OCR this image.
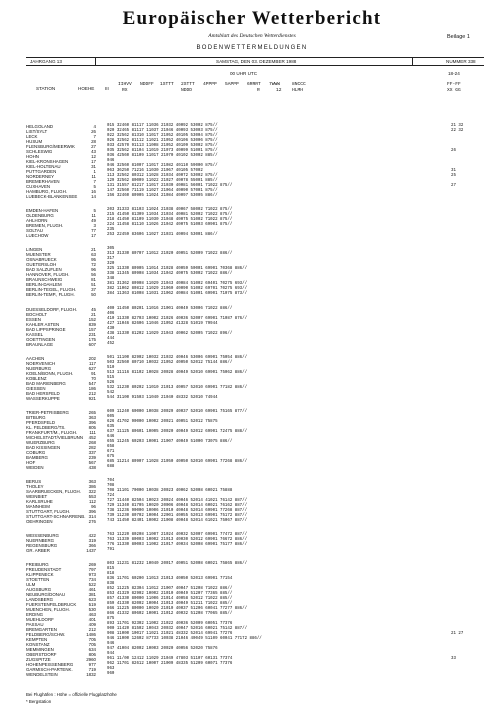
Europäischer Wetterbericht
Amtsblatt des Deutschen Wetterdienstes	Beilage 1
BODENWETTERMELDUNGEN
JAHRGANG 13	SAMSTAG, DEN 03. DEZEMBER 1988	NUMMER 338
00 UHR UTC	18-24
STATION	HOEHE III
IIHVV
RX
NDDFF 1STTT 2STTT
NDDD
4PPPP 5APPP 6RRRT
R
7WWW
12
8NCCC
HLMH
FF-FF
XX GG
HELGOLAND	4	015 32460 81117 11036 21032 40092 53002 875//	21 32
LIST/SYLT	26	020 32465 81117 11037 21046 40093 53003 875//	22 32
LECK	7	022 32562 81310 11017 21052 40105 53004 875//
HUSUM	28	026 32562 81112 11021 21052 40106 53006 875//
FLENSBURG/MEERWIK	27	033 42570 91113 11008 21052 40109 53002 875//
SCHLESWIG	43	035 32562 81104 11019 21073 40099 51001 875//	26
HOHN	12	036 42560 81109 11017 21070 40102 53002 885//
KIEL-KRONSHAGEN	17	046
KIEL-HOLTENAU	31	046 32560 81007 11017 21082 40110 59000 875//
PUTTGARDEN	1	063 36250 71216 11030 21067 40105 57002	31
NORDERNEY	11	113 32562 80312 11028 21034 40072 53002 875//	25
BREMERHAVEN	7	129 32562 80009 11022 21027 40078 55001 885//
CUXHAVEN	5	131 31557 81217 11017 21030 40081 56001 71022 875//	27
HAMBURG, FLUGH.	16	147 32560 71119 11027 21064 40090 57001 875//
LUEBECK-BLANKENSEE	14	156 32460 80905 11024 21084 40097 53005 886//
EMDEN-HAFEN	5	203 31333 81103 11024 21038 40067 58002 71022 875//
OLDENBURG	11	215 41450 81309 11034 21034 40081 52002 71022 875//
AHLHORN	49	218 41450 81109 11030 21048 40075 51002 71022 875//
BREMEN, FLUGH.	3	224 11458 81110 11026 21042 40075 51003 69901 875//
SOLTAU	77	235
LUECHOW	17	253 22459 83606 11027 21031 40094 53001 886//
LINGEN	21	305
MUENSTER	63	313 31330 80707 11012 21020 40051 52009 71022 886//
OSNABRUECK	95	317
GUETERSLOH	72	320
BAD SALZUFLEN	96	325 11330 80905 11014 21028 40059 50001 69901 70368 886//
HANNOVER, FLUGH.	56	338 11345 80908 11034 21042 40075 53002 71022 886//
BRAUNSCHWEIG	81	348
BERLIN-DAHLEM	51	381 31362 80908 11029 21043 40084 51002 69401 70275 693//
BERLIN-TEGEL, FLUGH.	37	382 11062 80812 11029 21060 40090 51002 69701 70275 693//
BERLIN-TEMP., FLUGH.	50	384 11363 81008 11031 21062 40084 51001 69901 71075 873//
DUESSELDORF, FLUGH.	45	400 11450 80201 11016 21001 40049 53006 71022 886//
BOCHOLT	21	406
ESSEN	152	410 11330 82703 10002 21026 40036 52007 69901 71087 876//
KAHLER ASTEN	839	427 11046 82606 11046 21052 41328 51019 79944
BAD LIPPSPRINGE	157	430
KASSEL	231	438 11330 81202 11029 21043 40062 52005 71022 896//
GOETTINGEN	175	444
BRAUNLAGE	607	452
AACHEN	202	501 11100 82902 10032 21032 40046 53006 69901 75054 886//
NOERVENICH	117	503 32560 80710 10032 21052 40050 52012 75144 886//
NUERBURG	627	510
KOELN/BONN, FLUGH.	91	513 11116 81102 10028 20028 40049 52010 69901 75062 886//
KOBLENZ	70	515
BAD MARIENBERG	547	526
GIESSEN	186	532 11230 80202 11010 21013 40057 52010 69901 77182 886//
BAD HERSFELD	212	542
WASSERKUPPE	921	544 31100 91503 11040 21040 48332 52010 74944
TRIER-PETRISBERG	265	609 11240 60000 10038 20029 40037 52010 69901 75165 877//
BITBURG	363	605
PFERDSFELD	396	626 41702 90000 10002 20021 40051 52012 75875
KL. FELDBERG/TS.	805	635
FRANKFURT/M., FLUGH.	111	637 11125 80601 10005 20020 40049 52012 69901 72475 888//
MICHELSTADT/VIELBRUNN	452	646
WUERZBURG	268	655 11245 60203 10001 21007 40049 51000 73075 886//
BAD KISSINGEN	282	658
COBURG	337	671
BAMBERG	239	675
HOF	567	685 11214 80907 11028 21050 40050 52010 69901 77268 886//
WEIDEN	438	688
BERUS	363	704
THOLEY	386	708
SAARBRUECKEN, FLUGH.	322	708 11101 70000 10038 20023 40062 52008 60021 75888
WEINBIET	553	724
KARLSRUHE	112	727 11440 82504 10023 20024 40046 52014 41021 76142 887//
MANNHEIM	96	729 11340 81705 10020 20006 40048 52014 60021 76162 887//
STUTTGART, FLUGH.	396	738 11236 90000 10006 21010 40048 52014 69901 77268 887//
STUTTGART-SCHNARRENB. 314	739 11230 80702 10004 22001 40055 52013 69901 75172 887//
OEHRINGEN	276	743 11450 82401 10002 21008 40048 52014 61021 75067 887//
WEISSENBURG	422	763 11220 80208 11007 21024 40032 52007 69901 77472 887//
NUERNBERG	319	763 11339 80003 10002 21013 40030 52012 69901 76672 886//
REGENSBURG	366	776 11330 80003 11002 21017 40034 52008 69901 75177 886//
GR. ARBER	1437	791
FREIBURG	269	803 11231 81232 10040 20017 40051 52008 60021 75865 886//
FREUDENSTADT	797	815
KLIPPENECK	973	818
STOETTEN	734	836 11701 60200 11013 21013 40050 52013 69901 77154
ULM	522	838
AUGSBURG	461	852 11225 82304 11012 21007 40047 51208 71022 886//
NEUBURG/DONAU	381	853 41329 82902 10002 21010 40049 51207 77365 885//
LANDSBERG	623	857 41330 80000 11006 21014 40058 52012 71022 885//
FUERSTENFELDBRUCK	519	859 41330 82002 10004 21013 40049 51211 71022 885//
MUENCHEN, FLUGH.	530	866 11225 80000 10020 21010 40037 51206 60041 77277 886//
ERDING	463	866 41332 80602 10001 21012 40032 51208 77065 885//
MUEHLDORF	401	875
PASSAU	409	893 11701 92302 11002 21022 40036 52009 60051 77376
BREMGARTEN	212	900 11420 81502 10043 20032 40047 52016 60021 75142 887//
FELDBERG/SCHW.	1486	908 11000 10017 11021 21021 48332 52014 69941 77276	21 27
KEMPTEN	705	946 11000 12602 87733 10038 21046 40049 51109 60041 77172 886//
KONSTANZ	705	946
MEMMINGEN	634	947 41004 82002 10003 20020 40056 52020 75876
OBERSTDORF	806	944
ZUGSPITZE	2960	961 11/00 12412 11029 21049 47803 51107 60131 77374	33
HOHENPEISSENBERG	977	962 11701 82612 10007 21009 48335 51209 60071 77376
GARMISCH-PARTENK.	719	963
WENDELSTEIN	1832	960
Bei Flughäfen : Höhe = offizielle Flugplatzhöhe
* Bergstation
